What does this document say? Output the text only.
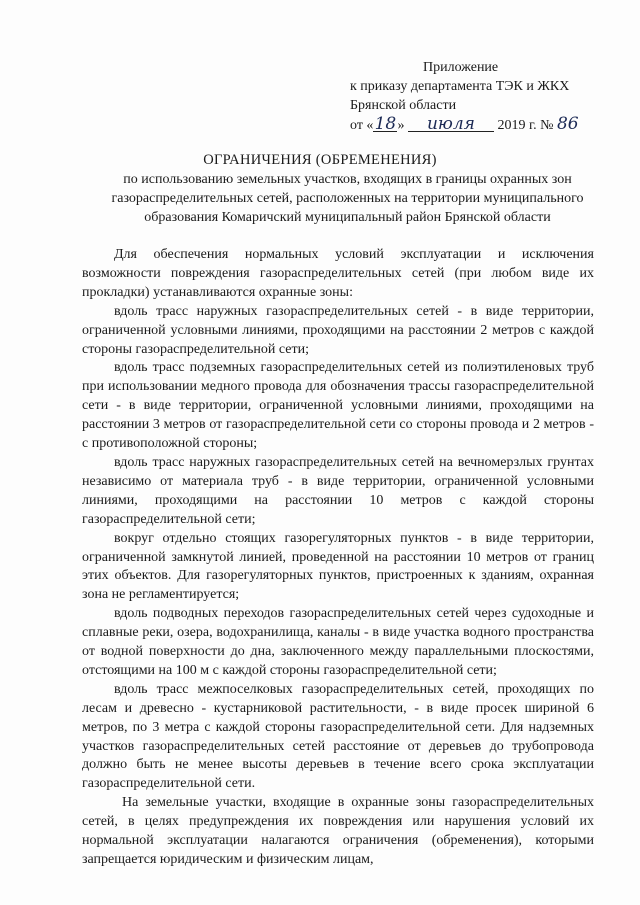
Приложение
к приказу департамента ТЭК и ЖКХ
Брянской области
от «18» июля 2019 г. № 86
ОГРАНИЧЕНИЯ (ОБРЕМЕНЕНИЯ)
по использованию земельных участков, входящих в границы охранных зон газораспределительных сетей, расположенных на территории муниципального образования Комаричский муниципальный район Брянской области

Для обеспечения нормальных условий эксплуатации и исключения возможности повреждения газораспределительных сетей (при любом виде их прокладки) устанавливаются охранные зоны:

вдоль трасс наружных газораспределительных сетей - в виде территории, ограниченной условными линиями, проходящими на расстоянии 2 метров с каждой стороны газораспределительной сети;

вдоль трасс подземных газораспределительных сетей из полиэтиленовых труб при использовании медного провода для обозначения трассы газораспределительной сети - в виде территории, ограниченной условными линиями, проходящими на расстоянии 3 метров от газораспределительной сети со стороны провода и 2 метров - с противоположной стороны;

вдоль трасс наружных газораспределительных сетей на вечномерзлых грунтах независимо от материала труб - в виде территории, ограниченной условными линиями, проходящими на расстоянии 10 метров с каждой стороны газораспределительной сети;

вокруг отдельно стоящих газорегуляторных пунктов - в виде территории, ограниченной замкнутой линией, проведенной на расстоянии 10 метров от границ этих объектов. Для газорегуляторных пунктов, пристроенных к зданиям, охранная зона не регламентируется;

вдоль подводных переходов газораспределительных сетей через судоходные и сплавные реки, озера, водохранилища, каналы - в виде участка водного пространства от водной поверхности до дна, заключенного между параллельными плоскостями, отстоящими на 100 м с каждой стороны газораспределительной сети;

вдоль трасс межпоселковых газораспределительных сетей, проходящих по лесам и древесно - кустарниковой растительности, - в виде просек шириной 6 метров, по 3 метра с каждой стороны газораспределительной сети. Для надземных участков газораспределительных сетей расстояние от деревьев до трубопровода должно быть не менее высоты деревьев в течение всего срока эксплуатации газораспределительной сети.

На земельные участки, входящие в охранные зоны газораспределительных сетей, в целях предупреждения их повреждения или нарушения условий их нормальной эксплуатации налагаются ограничения (обременения), которыми запрещается юридическим и физическим лицам,
